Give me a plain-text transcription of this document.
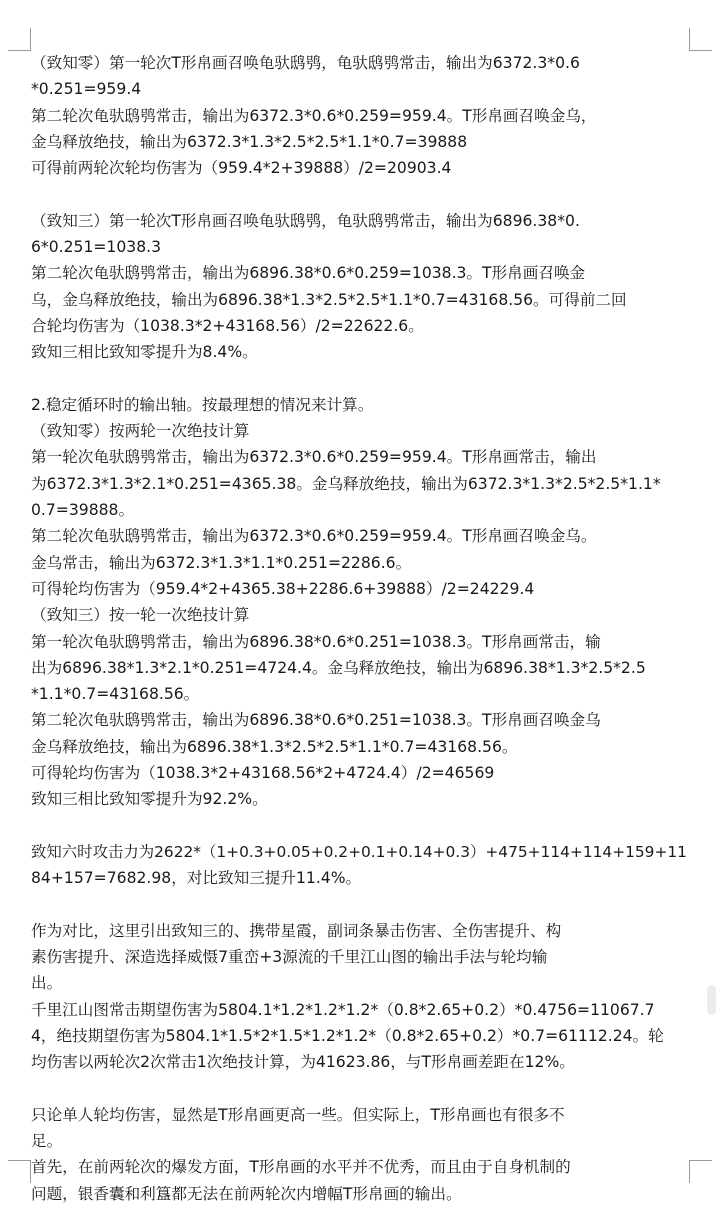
（致知零）第一轮次T形帛画召唤龟驮鸱鸮，龟驮鸱鸮常击，输出为6372.3*0.6
*0.251=959.4
第二轮次龟驮鸱鸮常击，输出为6372.3*0.6*0.259=959.4。T形帛画召唤金乌，
金乌释放绝技，输出为6372.3*1.3*2.5*2.5*1.1*0.7=39888
可得前两轮次轮均伤害为（959.4*2+39888）/2=20903.4
（致知三）第一轮次T形帛画召唤龟驮鸱鸮，龟驮鸱鸮常击，输出为6896.38*0.
6*0.251=1038.3
第二轮次龟驮鸱鸮常击，输出为6896.38*0.6*0.259=1038.3。T形帛画召唤金
乌，金乌释放绝技，输出为6896.38*1.3*2.5*2.5*1.1*0.7=43168.56。可得前二回
合轮均伤害为（1038.3*2+43168.56）/2=22622.6。
致知三相比致知零提升为8.4%。
2.稳定循环时的输出轴。按最理想的情况来计算。
（致知零）按两轮一次绝技计算
第一轮次龟驮鸱鸮常击，输出为6372.3*0.6*0.259=959.4。T形帛画常击，输出
为6372.3*1.3*2.1*0.251=4365.38。金乌释放绝技，输出为6372.3*1.3*2.5*2.5*1.1*
0.7=39888。
第二轮次龟驮鸱鸮常击，输出为6372.3*0.6*0.259=959.4。T形帛画召唤金乌。
金乌常击，输出为6372.3*1.3*1.1*0.251=2286.6。
可得轮均伤害为（959.4*2+4365.38+2286.6+39888）/2=24229.4
（致知三）按一轮一次绝技计算
第一轮次龟驮鸱鸮常击，输出为6896.38*0.6*0.251=1038.3。T形帛画常击，输
出为6896.38*1.3*2.1*0.251=4724.4。金乌释放绝技，输出为6896.38*1.3*2.5*2.5
*1.1*0.7=43168.56。
第二轮次龟驮鸱鸮常击，输出为6896.38*0.6*0.251=1038.3。T形帛画召唤金乌
金乌释放绝技，输出为6896.38*1.3*2.5*2.5*1.1*0.7=43168.56。
可得轮均伤害为（1038.3*2+43168.56*2+4724.4）/2=46569
致知三相比致知零提升为92.2%。
致知六时攻击力为2622*（1+0.3+0.05+0.2+0.1+0.14+0.3）+475+114+114+159+11
84+157=7682.98，对比致知三提升11.4%。
作为对比，这里引出致知三的、携带星霞，副词条暴击伤害、全伤害提升、构
素伤害提升、深造选择威慑7重峦+3源流的千里江山图的输出手法与轮均输
出。
千里江山图常击期望伤害为5804.1*1.2*1.2*1.2*（0.8*2.65+0.2）*0.4756=11067.7
4，绝技期望伤害为5804.1*1.5*2*1.5*1.2*1.2*（0.8*2.65+0.2）*0.7=61112.24。轮
均伤害以两轮次2次常击1次绝技计算，为41623.86，与T形帛画差距在12%。
只论单人轮均伤害，显然是T形帛画更高一些。但实际上，T形帛画也有很多不
足。
首先，在前两轮次的爆发方面，T形帛画的水平并不优秀，而且由于自身机制的
问题，银香囊和利簋都无法在前两轮次内增幅T形帛画的输出。
